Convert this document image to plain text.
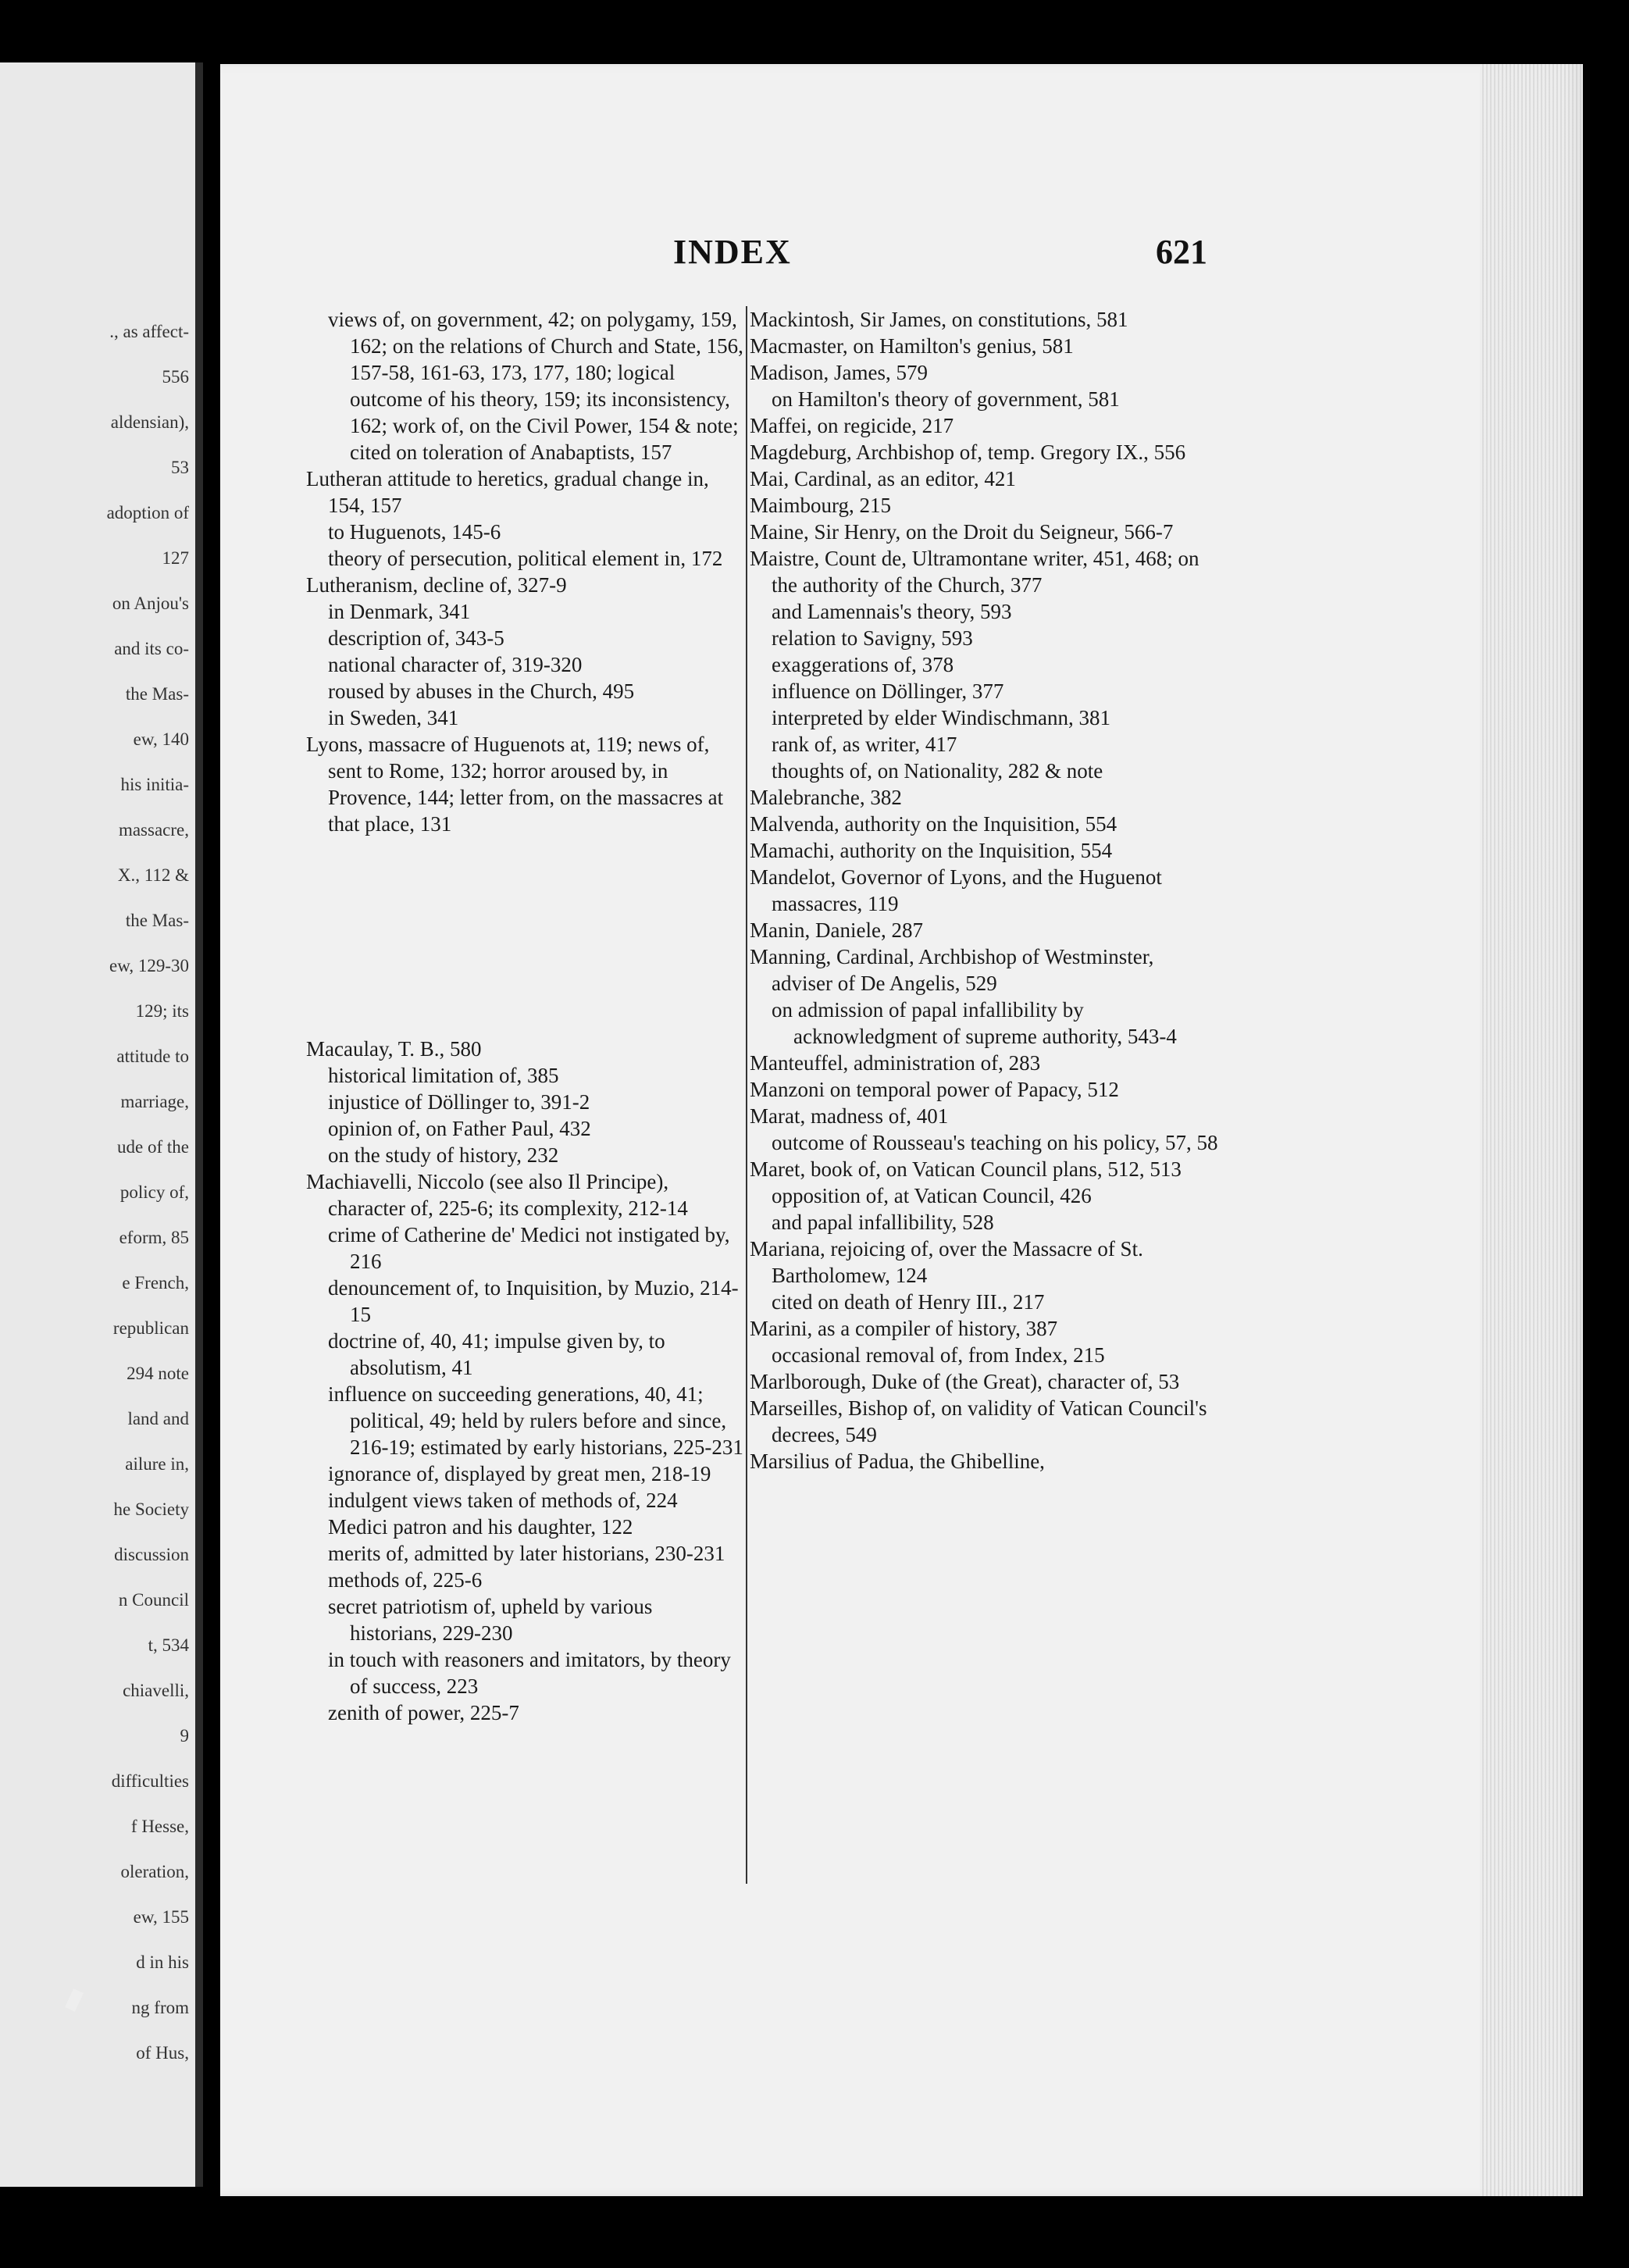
., as affect-
556
aldensian),
53
adoption of
127
on Anjou's
and its co-
the Mas-
ew, 140
his initia-
massacre,
X., 112 &
the Mas-
ew, 129-30
129; its
attitude to
marriage,
ude of the
policy of,
eform, 85
e French,
republican
294 note
land and
ailure in,
he Society
discussion
n Council
t, 534
chiavelli,
9
difficulties
f Hesse,
oleration,
ew, 155
d in his
ng from
of Hus,
INDEX	621

views of, on government, 42; on polygamy, 159, 162; on the relations of Church and State, 156, 157-58, 161-63, 173, 177, 180; logical outcome of his theory, 159; its inconsistency, 162; work of, on the Civil Power, 154 & note; cited on toleration of Anabaptists, 157

Lutheran attitude to heretics, gradual change in, 154, 157

to Huguenots, 145-6

theory of persecution, political element in, 172

Lutheranism, decline of, 327-9

in Denmark, 341

description of, 343-5

national character of, 319-320

roused by abuses in the Church, 495

in Sweden, 341

Lyons, massacre of Huguenots at, 119; news of, sent to Rome, 132; horror aroused by, in Provence, 144; letter from, on the massacres at that place, 131

Macaulay, T. B., 580

historical limitation of, 385

injustice of Döllinger to, 391-2

opinion of, on Father Paul, 432

on the study of history, 232

Machiavelli, Niccolo (see also Il Principe), character of, 225-6; its complexity, 212-14

crime of Catherine de' Medici not instigated by, 216

denouncement of, to Inquisition, by Muzio, 214-15

doctrine of, 40, 41; impulse given by, to absolutism, 41

influence on succeeding generations, 40, 41; political, 49; held by rulers before and since, 216-19; estimated by early historians, 225-231

ignorance of, displayed by great men, 218-19

indulgent views taken of methods of, 224

Medici patron and his daughter, 122

merits of, admitted by later historians, 230-231

methods of, 225-6

secret patriotism of, upheld by various historians, 229-230

in touch with reasoners and imitators, by theory of success, 223

zenith of power, 225-7

Mackintosh, Sir James, on constitutions, 581

Macmaster, on Hamilton's genius, 581

Madison, James, 579

on Hamilton's theory of government, 581

Maffei, on regicide, 217

Magdeburg, Archbishop of, temp. Gregory IX., 556

Mai, Cardinal, as an editor, 421

Maimbourg, 215

Maine, Sir Henry, on the Droit du Seigneur, 566-7

Maistre, Count de, Ultramontane writer, 451, 468; on the authority of the Church, 377

and Lamennais's theory, 593

relation to Savigny, 593

exaggerations of, 378

influence on Döllinger, 377

interpreted by elder Windischmann, 381

rank of, as writer, 417

thoughts of, on Nationality, 282 & note

Malebranche, 382

Malvenda, authority on the Inquisition, 554

Mamachi, authority on the Inquisition, 554

Mandelot, Governor of Lyons, and the Huguenot massacres, 119

Manin, Daniele, 287

Manning, Cardinal, Archbishop of Westminster, adviser of De Angelis, 529

on admission of papal infallibility by acknowledgment of supreme authority, 543-4

Manteuffel, administration of, 283

Manzoni on temporal power of Papacy, 512

Marat, madness of, 401

outcome of Rousseau's teaching on his policy, 57, 58

Maret, book of, on Vatican Council plans, 512, 513

opposition of, at Vatican Council, 426

and papal infallibility, 528

Mariana, rejoicing of, over the Massacre of St. Bartholomew, 124

cited on death of Henry III., 217

Marini, as a compiler of history, 387

occasional removal of, from Index, 215

Marlborough, Duke of (the Great), character of, 53

Marseilles, Bishop of, on validity of Vatican Council's decrees, 549

Marsilius of Padua, the Ghibelline,
